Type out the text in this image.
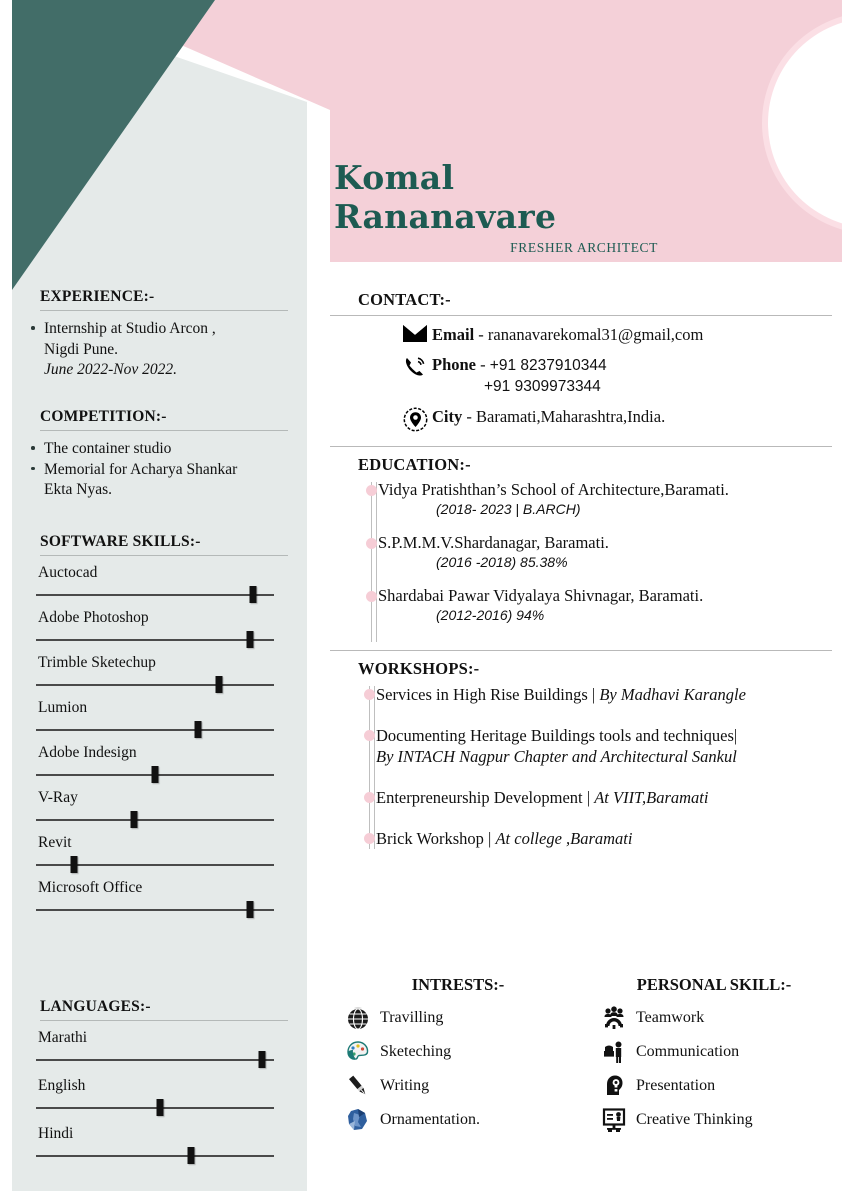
Komal
Rananavare
FRESHER ARCHITECT
CONTACT:-
Email - rananavarekomal31@gmail,com
Phone - +91 8237910344
+91 9309973344
City - Baramati,Maharashtra,India.
EDUCATION:-
Vidya Pratishthan’s School of Architecture,Baramati.
(2018- 2023 | B.ARCH)
S.P.M.M.V.Shardanagar, Baramati.
(2016 -2018) 85.38%
Shardabai Pawar Vidyalaya Shivnagar, Baramati.
(2012-2016) 94%
WORKSHOPS:-
Services in High Rise Buildings | By Madhavi Karangle
Documenting Heritage Buildings tools and techniques|
By INTACH Nagpur Chapter and Architectural Sankul
Enterpreneurship Development | At VIIT,Baramati
Brick Workshop | At college ,Baramati
INTRESTS:-
Travilling
Sketeching
Writing
Ornamentation.
PERSONAL SKILL:-
Teamwork
Communication
Presentation
Creative Thinking
EXPERIENCE:-
Internship at Studio Arcon ,
Nigdi Pune.
June 2022-Nov 2022.
COMPETITION:-
The container studio
Memorial for Acharya Shankar
Ekta Nyas.
SOFTWARE SKILLS:-
Auctocad
Adobe Photoshop
Trimble Sketechup
Lumion
Adobe Indesign
V-Ray
Revit
Microsoft Office
LANGUAGES:-
Marathi
English
Hindi
